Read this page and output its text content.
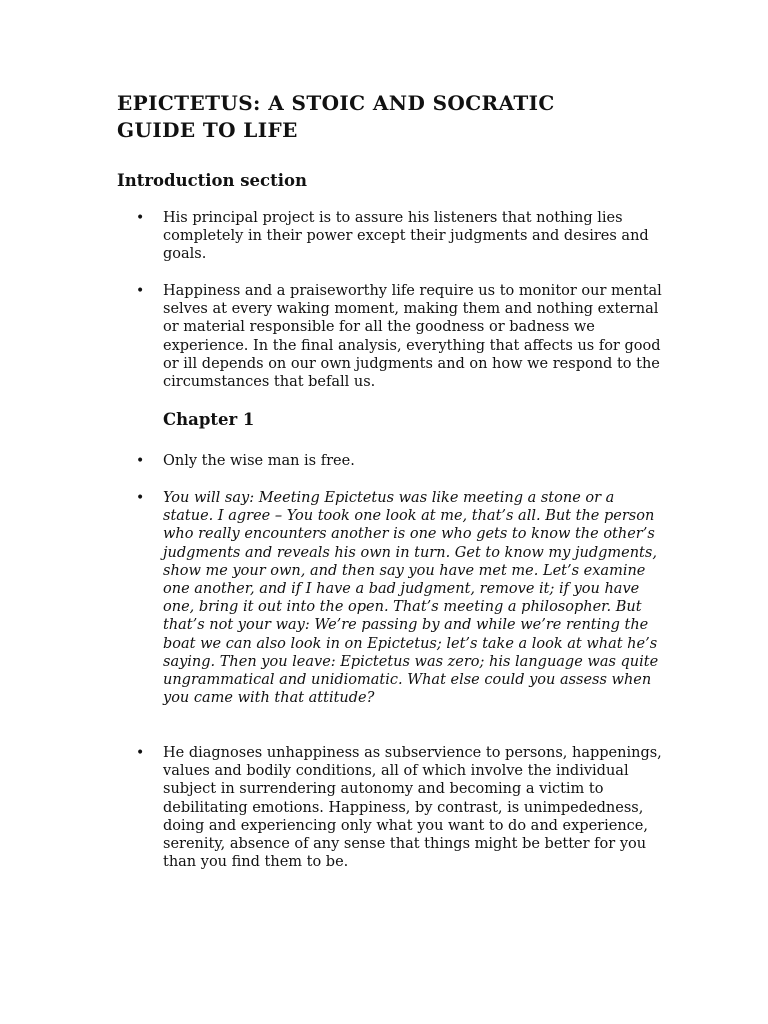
EPICTETUS: A STOIC AND SOCRATIC
GUIDE TO LIFE
Introduction section
• His principal project is to assure his listeners that nothing lies completely in their power except their judgments and desires and goals.

• Happiness and a praiseworthy life require us to monitor our mental selves at every waking moment, making them and nothing external or material responsible for all the goodness or badness we experience. In the final analysis, everything that affects us for good or ill depends on our own judgments and on how we respond to the circumstances that befall us.

Chapter 1
• Only the wise man is free.

• You will say: Meeting Epictetus was like meeting a stone or a statue. I agree – You took one look at me, that’s all. But the person who really encounters another is one who gets to know the other’s judgments and reveals his own in turn. Get to know my judgments, show me your own, and then say you have met me. Let’s examine one another, and if I have a bad judgment, remove it; if you have one, bring it out into the open. That’s meeting a philosopher. But that’s not your way: We’re passing by and while we’re renting the boat we can also look in on Epictetus; let’s take a look at what he’s saying. Then you leave: Epictetus was zero; his language was quite ungrammatical and unidiomatic. What else could you assess when you came with that attitude?

• He diagnoses unhappiness as subservience to persons, happenings, values and bodily conditions, all of which involve the individual subject in surrendering autonomy and becoming a victim to debilitating emotions. Happiness, by contrast, is unimpededness, doing and experiencing only what you want to do and experience, serenity, absence of any sense that things might be better for you than you find them to be.
